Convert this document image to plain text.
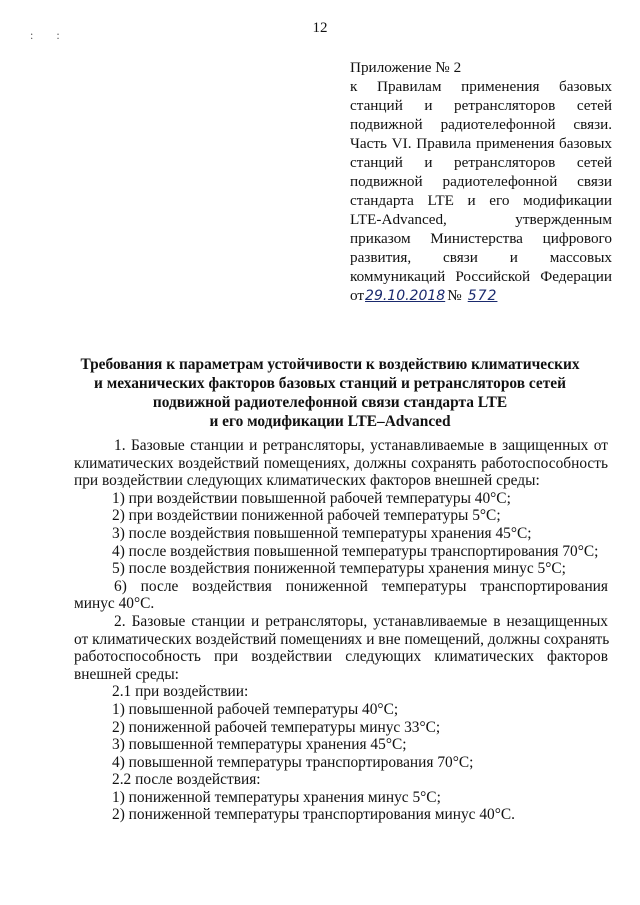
12
: :
Приложение № 2
к Правилам применения базовых
станций и ретрансляторов сетей
подвижной радиотелефонной связи.
Часть VI. Правила применения базовых
станций и ретрансляторов сетей
подвижной радиотелефонной связи
стандарта LTE и его модификации
LTE-Advanced, утвержденным
приказом Министерства цифрового
развития, связи и массовых
коммуникаций Российской Федерации
от 29.10.2018 № 572
Требования к параметрам устойчивости к воздействию климатических
и механических факторов базовых станций и ретрансляторов сетей
подвижной радиотелефонной связи стандарта LTE
и его модификации LTE–Advanced
1. Базовые станции и ретрансляторы, устанавливаемые в защищенных от
климатических воздействий помещениях, должны сохранять работоспособность
при воздействии следующих климатических факторов внешней среды:
1) при воздействии повышенной рабочей температуры 40°С;
2) при воздействии пониженной рабочей температуры 5°С;
3) после воздействия повышенной температуры хранения 45°С;
4) после воздействия повышенной температуры транспортирования 70°С;
5) после воздействия пониженной температуры хранения минус 5°С;
6) после воздействия пониженной температуры транспортирования
минус 40°С.
2. Базовые станции и ретрансляторы, устанавливаемые в незащищенных
от климатических воздействий помещениях и вне помещений, должны сохранять
работоспособность при воздействии следующих климатических факторов
внешней среды:
2.1 при воздействии:
1) повышенной рабочей температуры 40°С;
2) пониженной рабочей температуры минус 33°С;
3) повышенной температуры хранения 45°С;
4) повышенной температуры транспортирования 70°С;
2.2 после воздействия:
1) пониженной температуры хранения минус 5°С;
2) пониженной температуры транспортирования минус 40°С.
